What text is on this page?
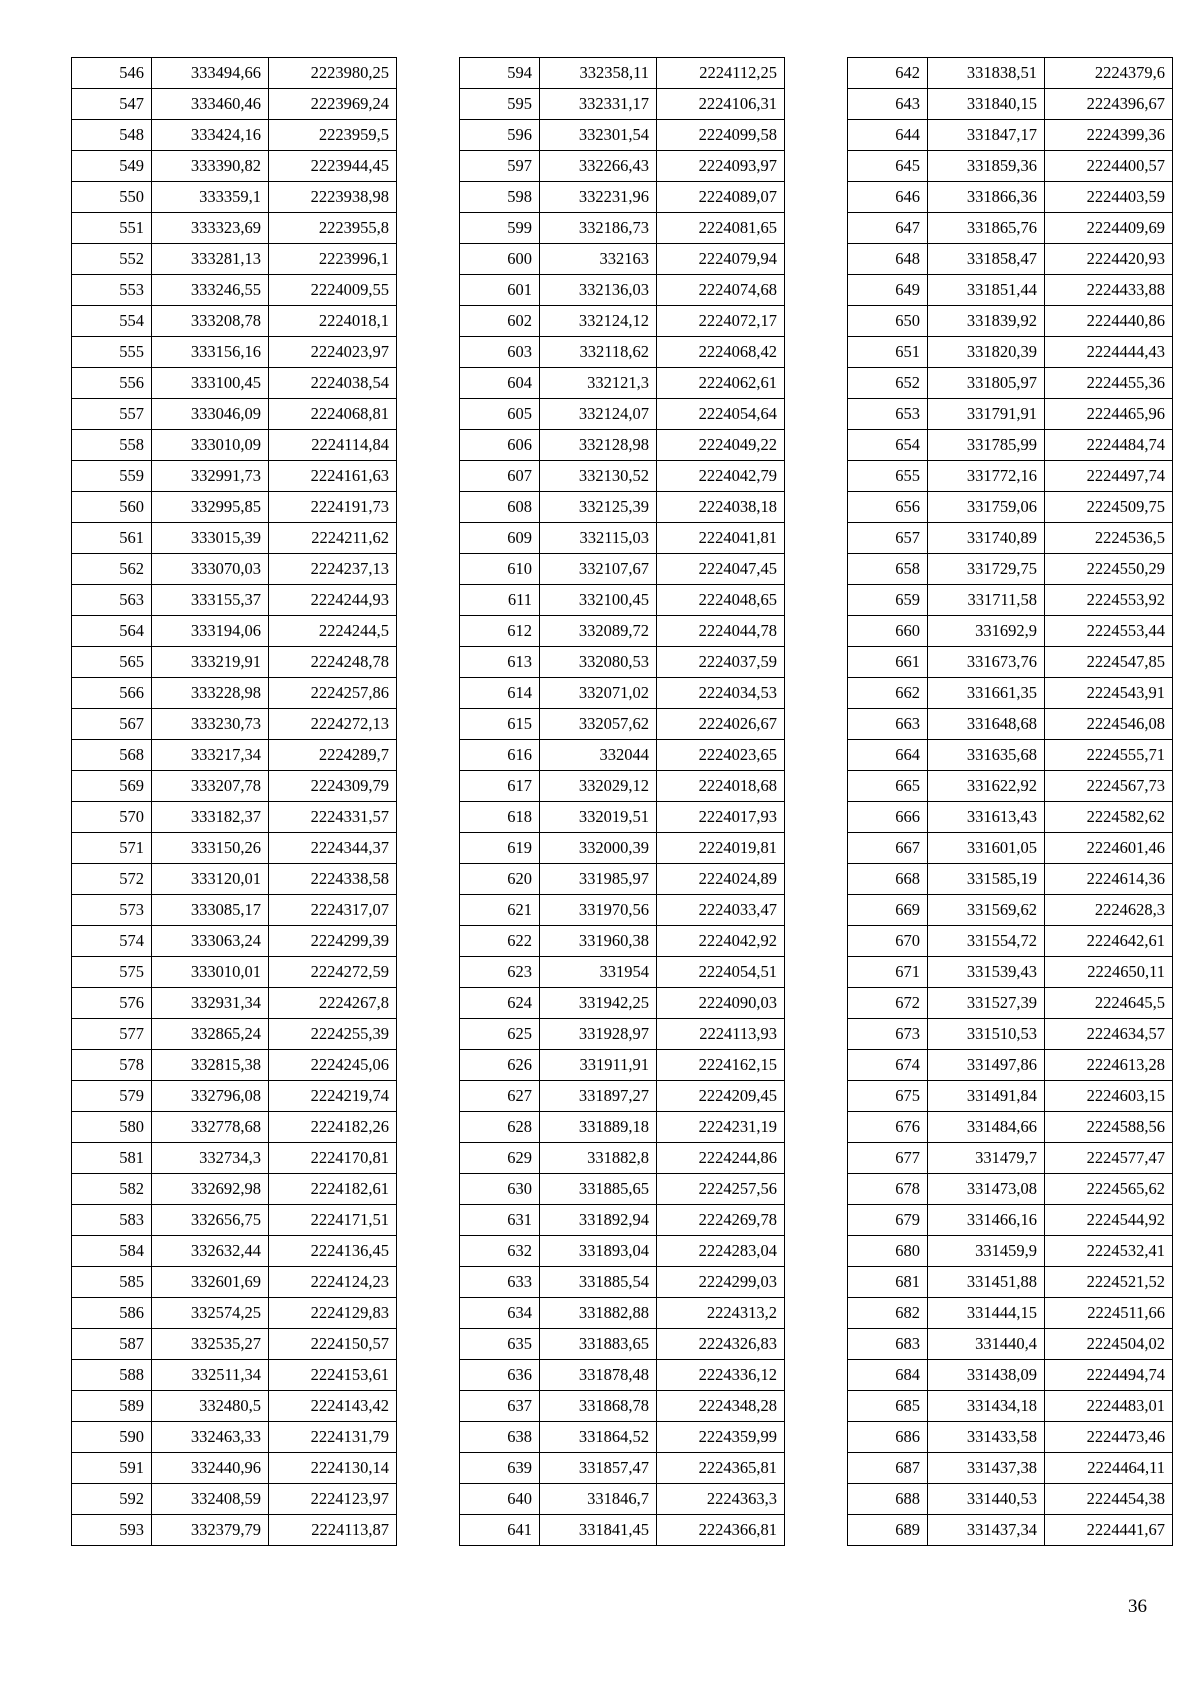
546	333494,66	2223980,25
547	333460,46	2223969,24
548	333424,16	2223959,5
549	333390,82	2223944,45
550	333359,1	2223938,98
551	333323,69	2223955,8
552	333281,13	2223996,1
553	333246,55	2224009,55
554	333208,78	2224018,1
555	333156,16	2224023,97
556	333100,45	2224038,54
557	333046,09	2224068,81
558	333010,09	2224114,84
559	332991,73	2224161,63
560	332995,85	2224191,73
561	333015,39	2224211,62
562	333070,03	2224237,13
563	333155,37	2224244,93
564	333194,06	2224244,5
565	333219,91	2224248,78
566	333228,98	2224257,86
567	333230,73	2224272,13
568	333217,34	2224289,7
569	333207,78	2224309,79
570	333182,37	2224331,57
571	333150,26	2224344,37
572	333120,01	2224338,58
573	333085,17	2224317,07
574	333063,24	2224299,39
575	333010,01	2224272,59
576	332931,34	2224267,8
577	332865,24	2224255,39
578	332815,38	2224245,06
579	332796,08	2224219,74
580	332778,68	2224182,26
581	332734,3	2224170,81
582	332692,98	2224182,61
583	332656,75	2224171,51
584	332632,44	2224136,45
585	332601,69	2224124,23
586	332574,25	2224129,83
587	332535,27	2224150,57
588	332511,34	2224153,61
589	332480,5	2224143,42
590	332463,33	2224131,79
591	332440,96	2224130,14
592	332408,59	2224123,97
593	332379,79	2224113,87
594	332358,11	2224112,25
595	332331,17	2224106,31
596	332301,54	2224099,58
597	332266,43	2224093,97
598	332231,96	2224089,07
599	332186,73	2224081,65
600	332163	2224079,94
601	332136,03	2224074,68
602	332124,12	2224072,17
603	332118,62	2224068,42
604	332121,3	2224062,61
605	332124,07	2224054,64
606	332128,98	2224049,22
607	332130,52	2224042,79
608	332125,39	2224038,18
609	332115,03	2224041,81
610	332107,67	2224047,45
611	332100,45	2224048,65
612	332089,72	2224044,78
613	332080,53	2224037,59
614	332071,02	2224034,53
615	332057,62	2224026,67
616	332044	2224023,65
617	332029,12	2224018,68
618	332019,51	2224017,93
619	332000,39	2224019,81
620	331985,97	2224024,89
621	331970,56	2224033,47
622	331960,38	2224042,92
623	331954	2224054,51
624	331942,25	2224090,03
625	331928,97	2224113,93
626	331911,91	2224162,15
627	331897,27	2224209,45
628	331889,18	2224231,19
629	331882,8	2224244,86
630	331885,65	2224257,56
631	331892,94	2224269,78
632	331893,04	2224283,04
633	331885,54	2224299,03
634	331882,88	2224313,2
635	331883,65	2224326,83
636	331878,48	2224336,12
637	331868,78	2224348,28
638	331864,52	2224359,99
639	331857,47	2224365,81
640	331846,7	2224363,3
641	331841,45	2224366,81
642	331838,51	2224379,6
643	331840,15	2224396,67
644	331847,17	2224399,36
645	331859,36	2224400,57
646	331866,36	2224403,59
647	331865,76	2224409,69
648	331858,47	2224420,93
649	331851,44	2224433,88
650	331839,92	2224440,86
651	331820,39	2224444,43
652	331805,97	2224455,36
653	331791,91	2224465,96
654	331785,99	2224484,74
655	331772,16	2224497,74
656	331759,06	2224509,75
657	331740,89	2224536,5
658	331729,75	2224550,29
659	331711,58	2224553,92
660	331692,9	2224553,44
661	331673,76	2224547,85
662	331661,35	2224543,91
663	331648,68	2224546,08
664	331635,68	2224555,71
665	331622,92	2224567,73
666	331613,43	2224582,62
667	331601,05	2224601,46
668	331585,19	2224614,36
669	331569,62	2224628,3
670	331554,72	2224642,61
671	331539,43	2224650,11
672	331527,39	2224645,5
673	331510,53	2224634,57
674	331497,86	2224613,28
675	331491,84	2224603,15
676	331484,66	2224588,56
677	331479,7	2224577,47
678	331473,08	2224565,62
679	331466,16	2224544,92
680	331459,9	2224532,41
681	331451,88	2224521,52
682	331444,15	2224511,66
683	331440,4	2224504,02
684	331438,09	2224494,74
685	331434,18	2224483,01
686	331433,58	2224473,46
687	331437,38	2224464,11
688	331440,53	2224454,38
689	331437,34	2224441,67
36
